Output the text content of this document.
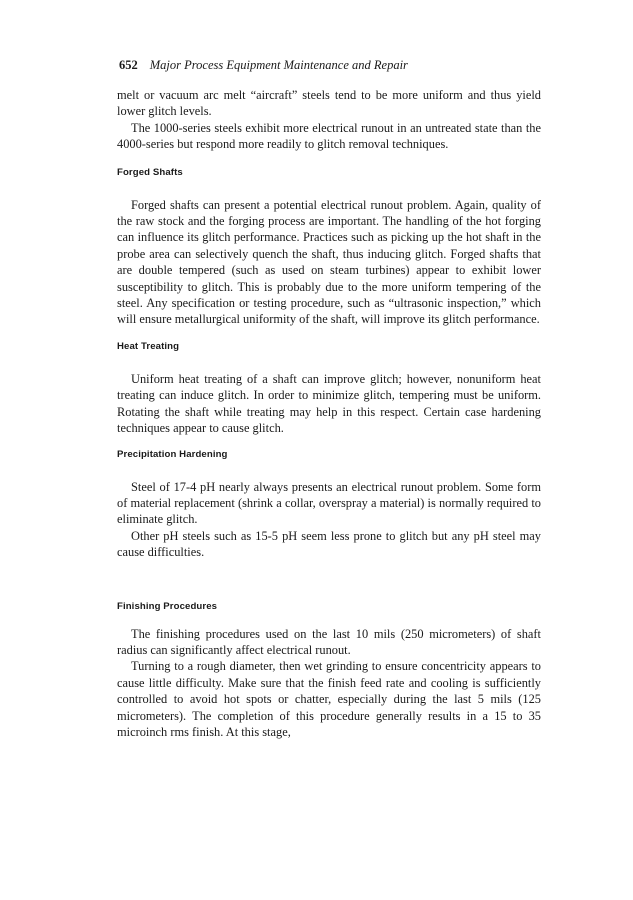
652 Major Process Equipment Maintenance and Repair

melt or vacuum arc melt “aircraft” steels tend to be more uniform and thus yield lower glitch levels.

The 1000-series steels exhibit more electrical runout in an untreated state than the 4000-series but respond more readily to glitch removal techniques.

Forged Shafts

Forged shafts can present a potential electrical runout problem. Again, quality of the raw stock and the forging process are important. The handling of the hot forging can influence its glitch performance. Practices such as picking up the hot shaft in the probe area can selectively quench the shaft, thus inducing glitch. Forged shafts that are double tempered (such as used on steam turbines) appear to exhibit lower susceptibility to glitch. This is probably due to the more uniform tempering of the steel. Any specification or testing procedure, such as “ultrasonic inspection,” which will ensure metallurgical uniformity of the shaft, will improve its glitch performance.

Heat Treating

Uniform heat treating of a shaft can improve glitch; however, nonuniform heat treating can induce glitch. In order to minimize glitch, tempering must be uniform. Rotating the shaft while treating may help in this respect. Certain case hardening techniques appear to cause glitch.

Precipitation Hardening

Steel of 17-4 pH nearly always presents an electrical runout problem. Some form of material replacement (shrink a collar, overspray a material) is normally required to eliminate glitch.

Other pH steels such as 15-5 pH seem less prone to glitch but any pH steel may cause difficulties.

Finishing Procedures

The finishing procedures used on the last 10 mils (250 micrometers) of shaft radius can significantly affect electrical runout.

Turning to a rough diameter, then wet grinding to ensure concentricity appears to cause little difficulty. Make sure that the finish feed rate and cooling is sufficiently controlled to avoid hot spots or chatter, especially during the last 5 mils (125 micrometers). The completion of this procedure generally results in a 15 to 35 microinch rms finish. At this stage,
